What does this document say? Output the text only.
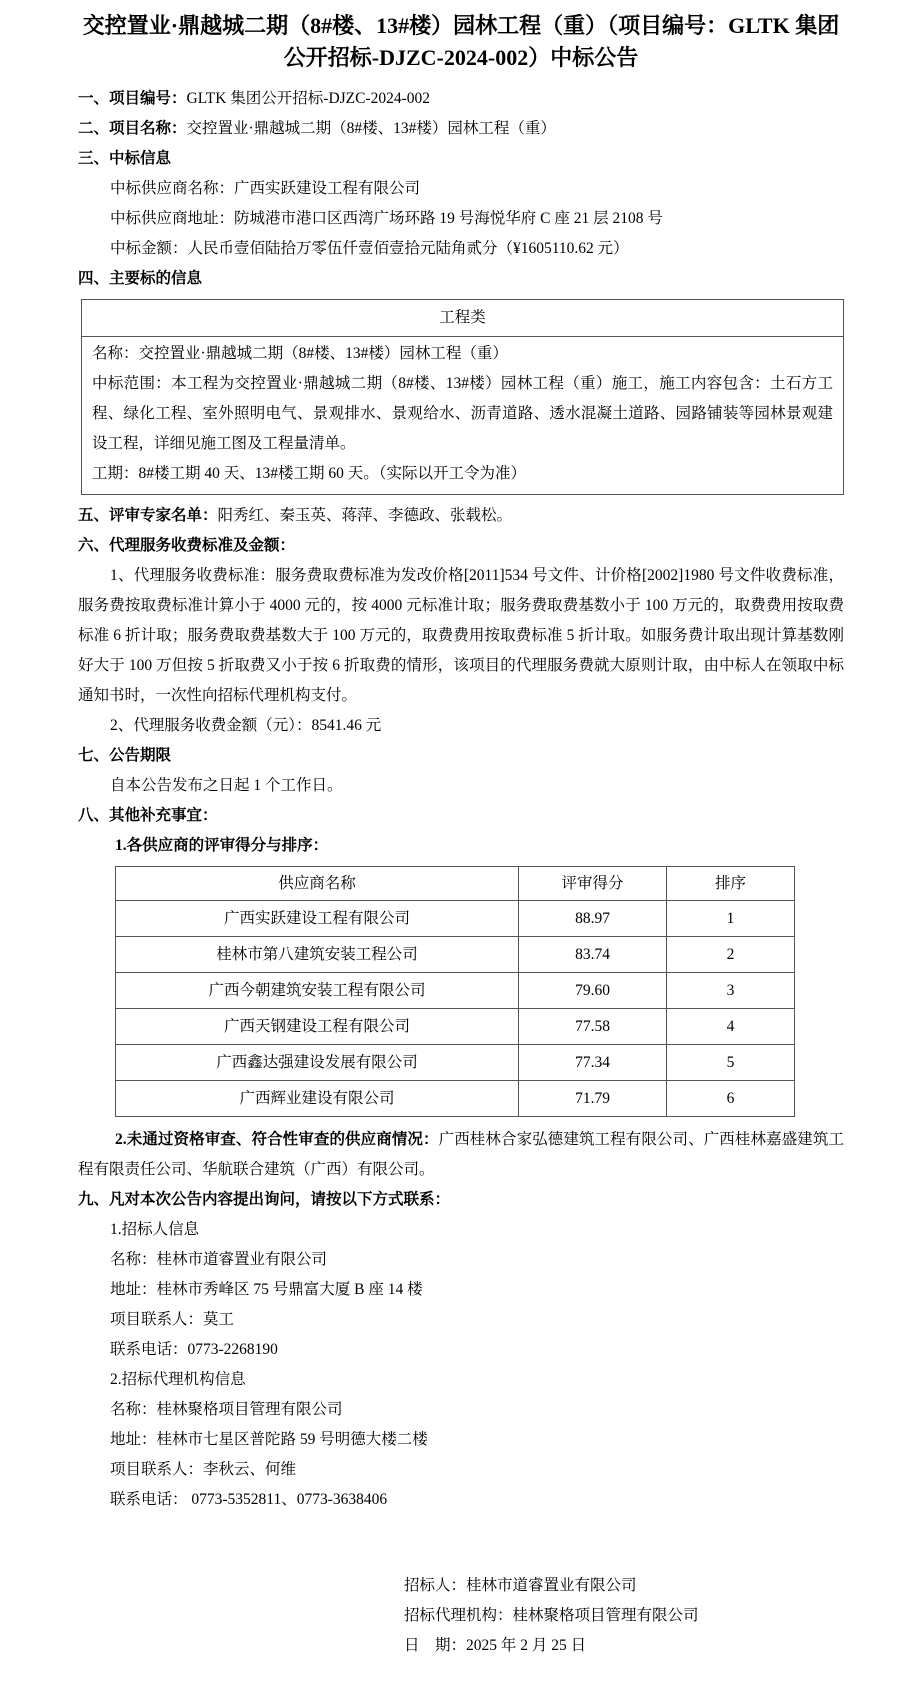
交控置业·鼎越城二期（8#楼、13#楼）园林工程（重）（项目编号：GLTK 集团
公开招标-DJZC-2024-002）中标公告

一、项目编号：GLTK 集团公开招标-DJZC-2024-002

二、项目名称：交控置业·鼎越城二期（8#楼、13#楼）园林工程（重）

三、中标信息

中标供应商名称：广西实跃建设工程有限公司

中标供应商地址：防城港市港口区西湾广场环路 19 号海悦华府 C 座 21 层 2108 号

中标金额：人民币壹佰陆拾万零伍仟壹佰壹拾元陆角贰分（¥1605110.62 元）

四、主要标的信息

工程类

名称：交控置业·鼎越城二期（8#楼、13#楼）园林工程（重）

中标范围：本工程为交控置业·鼎越城二期（8#楼、13#楼）园林工程（重）施工，施工内容包含：土石方工程、绿化工程、室外照明电气、景观排水、景观给水、沥青道路、透水混凝土道路、园路铺装等园林景观建设工程，详细见施工图及工程量清单。

工期：8#楼工期 40 天、13#楼工期 60 天。（实际以开工令为准）

五、评审专家名单：阳秀红、秦玉英、蒋萍、李德政、张载松。

六、代理服务收费标准及金额：

1、代理服务收费标准：服务费取费标准为发改价格[2011]534 号文件、计价格[2002]1980 号文件收费标准，服务费按取费标准计算小于 4000 元的，按 4000 元标准计取；服务费取费基数小于 100 万元的，取费费用按取费标准 6 折计取；服务费取费基数大于 100 万元的，取费费用按取费标准 5 折计取。如服务费计取出现计算基数刚好大于 100 万但按 5 折取费又小于按 6 折取费的情形，该项目的代理服务费就大原则计取，由中标人在领取中标通知书时，一次性向招标代理机构支付。

2、代理服务收费金额（元）：8541.46 元

七、公告期限

自本公告发布之日起 1 个工作日。

八、其他补充事宜：

1.各供应商的评审得分与排序：

供应商名称	评审得分	排序
广西实跃建设工程有限公司	88.97	1
桂林市第八建筑安装工程公司	83.74	2
广西今朝建筑安装工程有限公司	79.60	3
广西天钢建设工程有限公司	77.58	4
广西鑫达强建设发展有限公司	77.34	5
广西辉业建设有限公司	71.79	6

2.未通过资格审查、符合性审查的供应商情况：广西桂林合家弘德建筑工程有限公司、广西桂林嘉盛建筑工程有限责任公司、华航联合建筑（广西）有限公司。

九、凡对本次公告内容提出询问，请按以下方式联系：

1.招标人信息

名称：桂林市道睿置业有限公司

地址：桂林市秀峰区 75 号鼎富大厦 B 座 14 楼

项目联系人：莫工

联系电话：0773-2268190

2.招标代理机构信息

名称：桂林聚格项目管理有限公司

地址：桂林市七星区普陀路 59 号明德大楼二楼

项目联系人：李秋云、何维

联系电话： 0773-5352811、0773-3638406

招标人：桂林市道睿置业有限公司

招标代理机构：桂林聚格项目管理有限公司

日　期：2025 年 2 月 25 日
